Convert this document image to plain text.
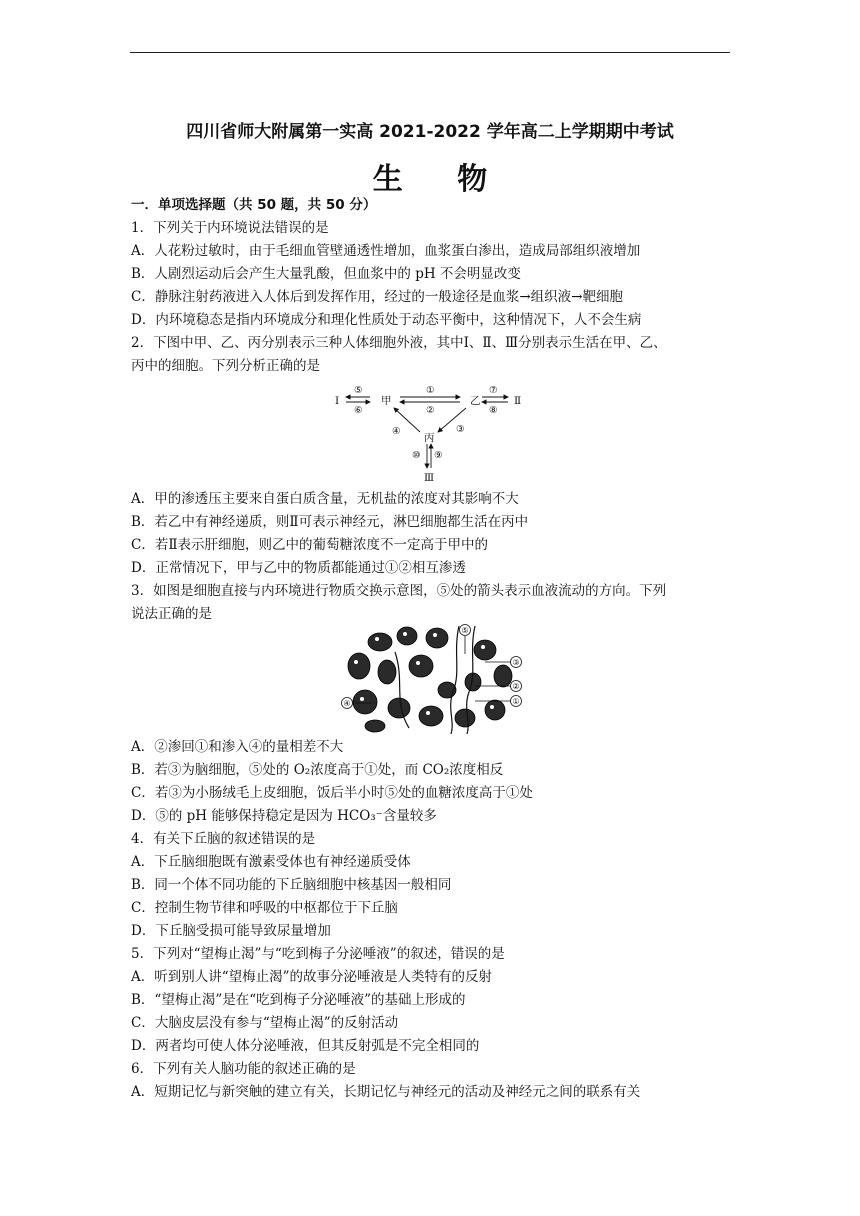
四川省师大附属第一实高 2021-2022 学年高二上学期期中考试
生 物
一．单项选择题（共 50 题，共 50 分）
1．下列关于内环境说法错误的是
A．人花粉过敏时，由于毛细血管壁通透性增加，血浆蛋白渗出，造成局部组织液增加
B．人剧烈运动后会产生大量乳酸，但血浆中的 pH 不会明显改变
C．静脉注射药液进入人体后到发挥作用，经过的一般途径是血浆→组织液→靶细胞
D．内环境稳态是指内环境成分和理化性质处于动态平衡中，这种情况下，人不会生病
2．下图中甲、乙、丙分别表示三种人体细胞外液，其中Ⅰ、Ⅱ、Ⅲ分别表示生活在甲、乙、
丙中的细胞。下列分析正确的是
甲	乙
丙
Ⅰ	Ⅱ
Ⅲ
①
②
③
④
⑤
⑥
⑦
⑧
⑨
⑩
A．甲的渗透压主要来自蛋白质含量，无机盐的浓度对其影响不大
B．若乙中有神经递质，则Ⅱ可表示神经元，淋巴细胞都生活在丙中
C．若Ⅱ表示肝细胞，则乙中的葡萄糖浓度不一定高于甲中的
D．正常情况下，甲与乙中的物质都能通过①②相互渗透
3．如图是细胞直接与内环境进行物质交换示意图，⑤处的箭头表示血液流动的方向。下列
说法正确的是
⑤
③
②
①
④
A．②渗回①和渗入④的量相差不大
B．若③为脑细胞，⑤处的 O₂浓度高于①处，而 CO₂浓度相反
C．若③为小肠绒毛上皮细胞，饭后半小时⑤处的血糖浓度高于①处
D．⑤的 pH 能够保持稳定是因为 HCO₃⁻含量较多
4．有关下丘脑的叙述错误的是
A．下丘脑细胞既有激素受体也有神经递质受体
B．同一个体不同功能的下丘脑细胞中核基因一般相同
C．控制生物节律和呼吸的中枢都位于下丘脑
D．下丘脑受损可能导致尿量增加
5．下列对“望梅止渴”与“吃到梅子分泌唾液”的叙述，错误的是
A．听到别人讲“望梅止渴”的故事分泌唾液是人类特有的反射
B．“望梅止渴”是在“吃到梅子分泌唾液”的基础上形成的
C．大脑皮层没有参与“望梅止渴”的反射活动
D．两者均可使人体分泌唾液，但其反射弧是不完全相同的
6．下列有关人脑功能的叙述正确的是
A．短期记忆与新突触的建立有关，长期记忆与神经元的活动及神经元之间的联系有关
